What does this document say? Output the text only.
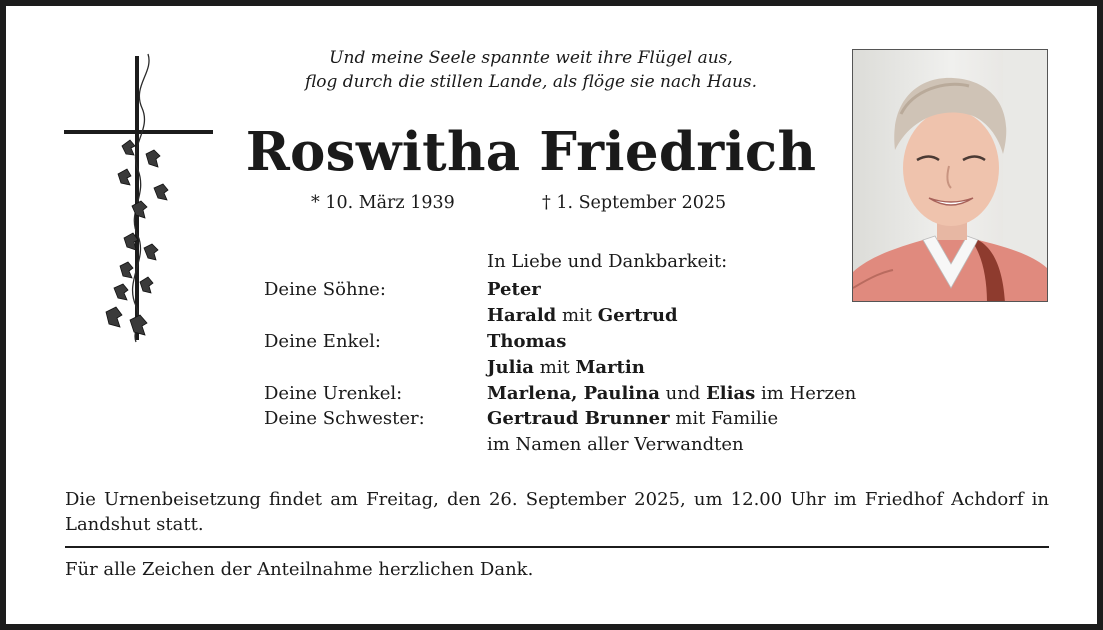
Und meine Seele spannte weit ihre Flügel aus,
flog durch die stillen Lande, als flöge sie nach Haus.
Roswitha Friedrich
* 10. März 1939	† 1. September 2025
In Liebe und Dankbarkeit:
Deine Söhne:	Peter
Harald mit Gertrud
Deine Enkel:	Thomas
Julia mit Martin
Deine Urenkel:	Marlena, Paulina und Elias im Herzen
Deine Schwester:	Gertraud Brunner mit Familie
im Namen aller Verwandten
Die Urnenbeisetzung findet am Freitag, den 26. September 2025, um 12.00 Uhr im Friedhof Achdorf in Landshut statt.
Für alle Zeichen der Anteilnahme herzlichen Dank.
